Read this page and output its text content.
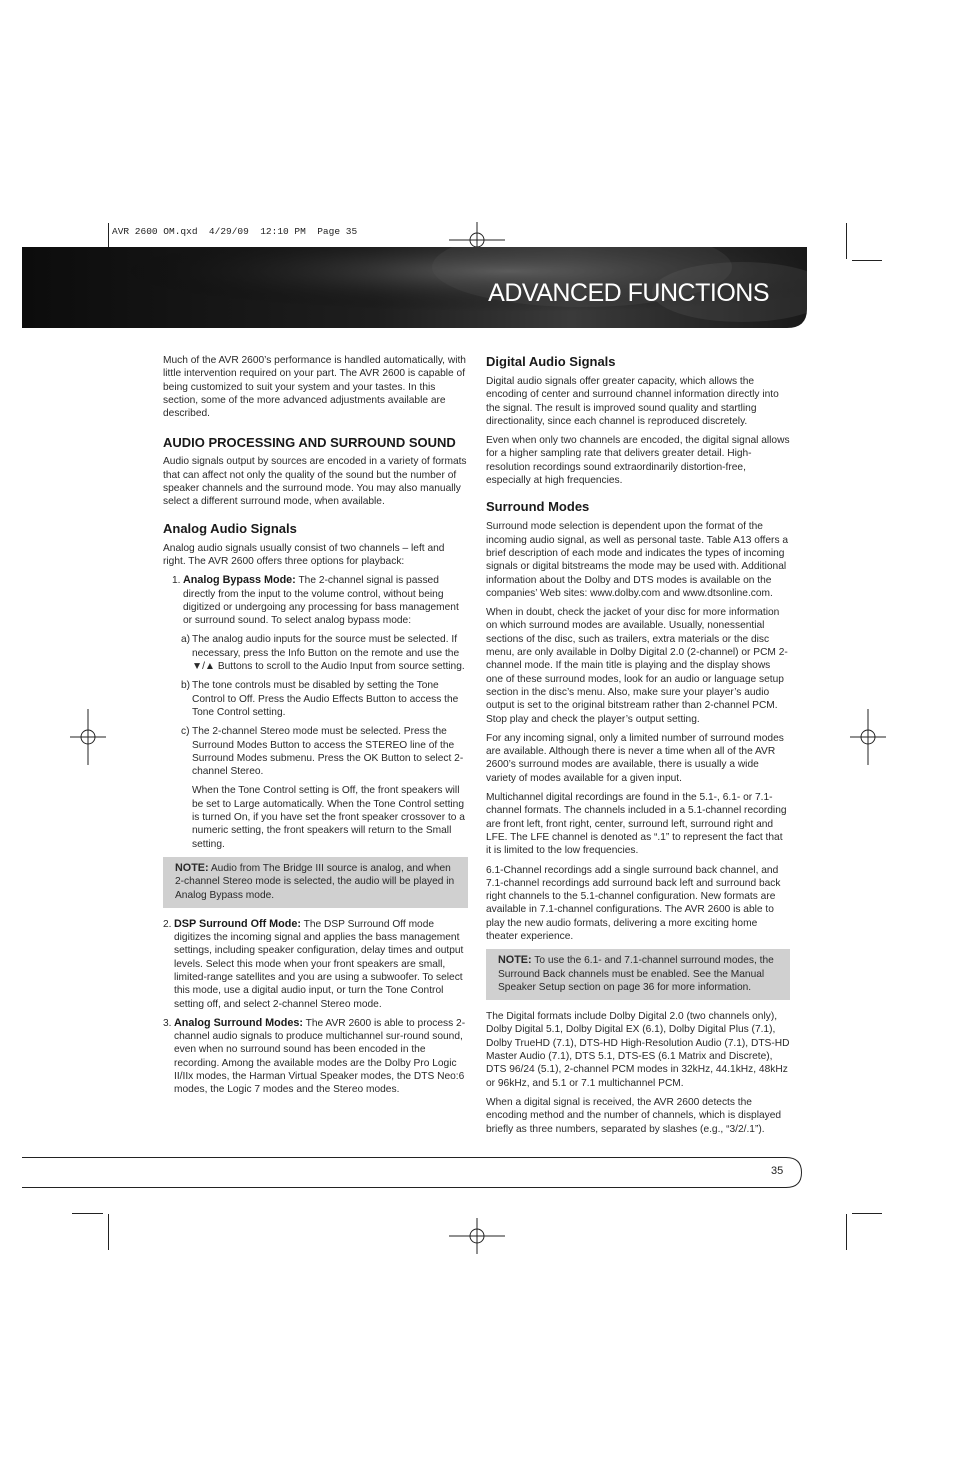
AVR 2600 OM.qxd  4/29/09  12:10 PM  Page 35
ADVANCED FUNCTIONS

Much of the AVR 2600’s performance is handled automatically, with little intervention required on your part. The AVR 2600 is capable of being customized to suit your system and your tastes. In this section, some of the more advanced adjustments available are described.

AUDIO PROCESSING AND SURROUND SOUND

Audio signals output by sources are encoded in a variety of formats that can affect not only the quality of the sound but the number of speaker channels and the surround mode. You may also manually select a different surround mode, when available.

Analog Audio Signals

Analog audio signals usually consist of two channels – left and right. The AVR 2600 offers three options for playback:

1. Analog Bypass Mode: The 2-channel signal is passed directly from the input to the volume control, without being digitized or undergoing any processing for bass management or surround sound. To select analog bypass mode:
a) The analog audio inputs for the source must be selected. If necessary, press the Info Button on the remote and use the ▼/▲ Buttons to scroll to the Audio Input from source setting.
b) The tone controls must be disabled by setting the Tone Control to Off. Press the Audio Effects Button to access the Tone Control setting.
c) The 2-channel Stereo mode must be selected. Press the Surround Modes Button to access the STEREO line of the Surround Modes submenu. Press the OK Button to select 2-channel Stereo.
When the Tone Control setting is Off, the front speakers will be set to Large automatically. When the Tone Control setting is turned On, if you have set the front speaker crossover to a numeric setting, the front speakers will return to the Small setting.
NOTE: Audio from The Bridge III source is analog, and when 2-channel Stereo mode is selected, the audio will be played in Analog Bypass mode.
2. DSP Surround Off Mode: The DSP Surround Off mode digitizes the incoming signal and applies the bass management settings, including speaker configuration, delay times and output levels. Select this mode when your front speakers are small, limited-range satellites and you are using a subwoofer. To select this mode, use a digital audio input, or turn the Tone Control setting off, and select 2-channel Stereo mode.
3. Analog Surround Modes: The AVR 2600 is able to process 2-channel audio signals to produce multichannel sur-round sound, even when no surround sound has been encoded in the recording. Among the available modes are the Dolby Pro Logic II/IIx modes, the Harman Virtual Speaker modes, the DTS Neo:6 modes, the Logic 7 modes and the Stereo modes.
Digital Audio Signals

Digital audio signals offer greater capacity, which allows the encoding of center and surround channel information directly into the signal. The result is improved sound quality and startling directionality, since each channel is reproduced discretely.

Even when only two channels are encoded, the digital signal allows for a higher sampling rate that delivers greater detail. High-resolution recordings sound extraordinarily distortion-free, especially at high frequencies.

Surround Modes

Surround mode selection is dependent upon the format of the incoming audio signal, as well as personal taste. Table A13 offers a brief description of each mode and indicates the types of incoming signals or digital bitstreams the mode may be used with. Additional information about the Dolby and DTS modes is available on the companies’ Web sites: www.dolby.com and www.dtsonline.com.

When in doubt, check the jacket of your disc for more information on which surround modes are available. Usually, nonessential sections of the disc, such as trailers, extra materials or the disc menu, are only available in Dolby Digital 2.0 (2-channel) or PCM 2-channel mode. If the main title is playing and the display shows one of these surround modes, look for an audio or language setup section in the disc’s menu. Also, make sure your player’s audio output is set to the original bitstream rather than 2-channel PCM. Stop play and check the player’s output setting.

For any incoming signal, only a limited number of surround modes are available. Although there is never a time when all of the AVR 2600’s surround modes are available, there is usually a wide variety of modes available for a given input.

Multichannel digital recordings are found in the 5.1-, 6.1- or 7.1-channel formats. The channels included in a 5.1-channel recording are front left, front right, center, surround left, surround right and LFE. The LFE channel is denoted as “.1” to represent the fact that it is limited to the low frequencies.

6.1-Channel recordings add a single surround back channel, and 7.1-channel recordings add surround back left and surround back right channels to the 5.1-channel configuration. New formats are available in 7.1-channel configurations. The AVR 2600 is able to play the new audio formats, delivering a more exciting home theater experience.

NOTE: To use the 6.1- and 7.1-channel surround modes, the Surround Back channels must be enabled. See the Manual Speaker Setup section on page 36 for more information.

The Digital formats include Dolby Digital 2.0 (two channels only), Dolby Digital 5.1, Dolby Digital EX (6.1), Dolby Digital Plus (7.1), Dolby TrueHD (7.1), DTS-HD High-Resolution Audio (7.1), DTS-HD Master Audio (7.1), DTS 5.1, DTS-ES (6.1 Matrix and Discrete), DTS 96/24 (5.1), 2-channel PCM modes in 32kHz, 44.1kHz, 48kHz or 96kHz, and 5.1 or 7.1 multichannel PCM.

When a digital signal is received, the AVR 2600 detects the encoding method and the number of channels, which is displayed briefly as three numbers, separated by slashes (e.g., “3/2/.1”).

35
